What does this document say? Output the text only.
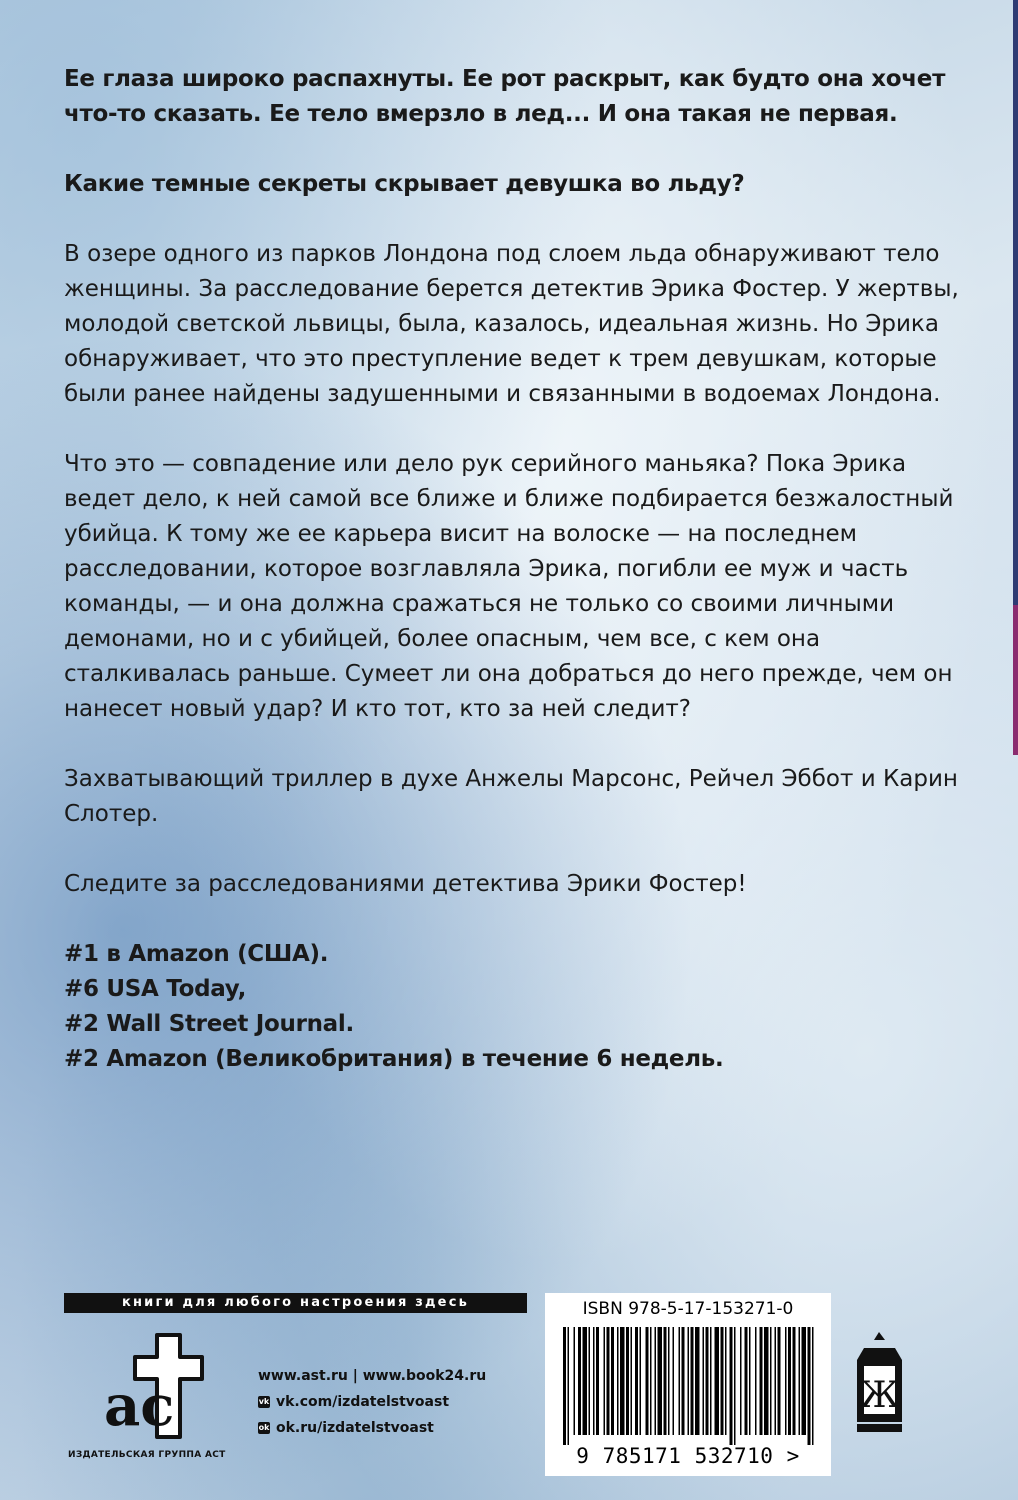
Ее глаза широко распахнуты. Ее рот раскрыт, как будто она хочет что-то сказать. Ее тело вмерзло в лед... И она такая не первая.

Какие темные секреты скрывает девушка во льду?

В озере одного из парков Лондона под слоем льда обнаруживают тело женщины. За расследование берется детектив Эрика Фостер. У жертвы, молодой светской львицы, была, казалось, идеальная жизнь. Но Эрика обнаруживает, что это преступление ведет к трем девушкам, которые были ранее найдены задушенными и связанными в водоемах Лондона.

Что это — совпадение или дело рук серийного маньяка? Пока Эрика ведет дело, к ней самой все ближе и ближе подбирается безжалостный убийца. К тому же ее карьера висит на волоске — на последнем расследовании, которое возглавляла Эрика, погибли ее муж и часть команды, — и она должна сражаться не только со своими личными демонами, но и с убийцей, более опасным, чем все, с кем она сталкивалась раньше. Сумеет ли она добраться до него прежде, чем он нанесет новый удар? И кто тот, кто за ней следит?

Захватывающий триллер в духе Анжелы Марсонс, Рейчел Эббот и Карин Слотер.

Следите за расследованиями детектива Эрики Фостер!

#1 в Amazon (США).
#6 USA Today,
#2 Wall Street Journal.
#2 Amazon (Великобритания) в течение 6 недель.
книги для любого настроения здесь
ас
ИЗДАТЕЛЬСКАЯ ГРУППА АСТ
www.ast.ru | www.book24.ru
vk vk.com/izdatelstvoast
ok ok.ru/izdatelstvoast
ISBN 978-5-17-153271-0
9 785171 532710 >
Ж
